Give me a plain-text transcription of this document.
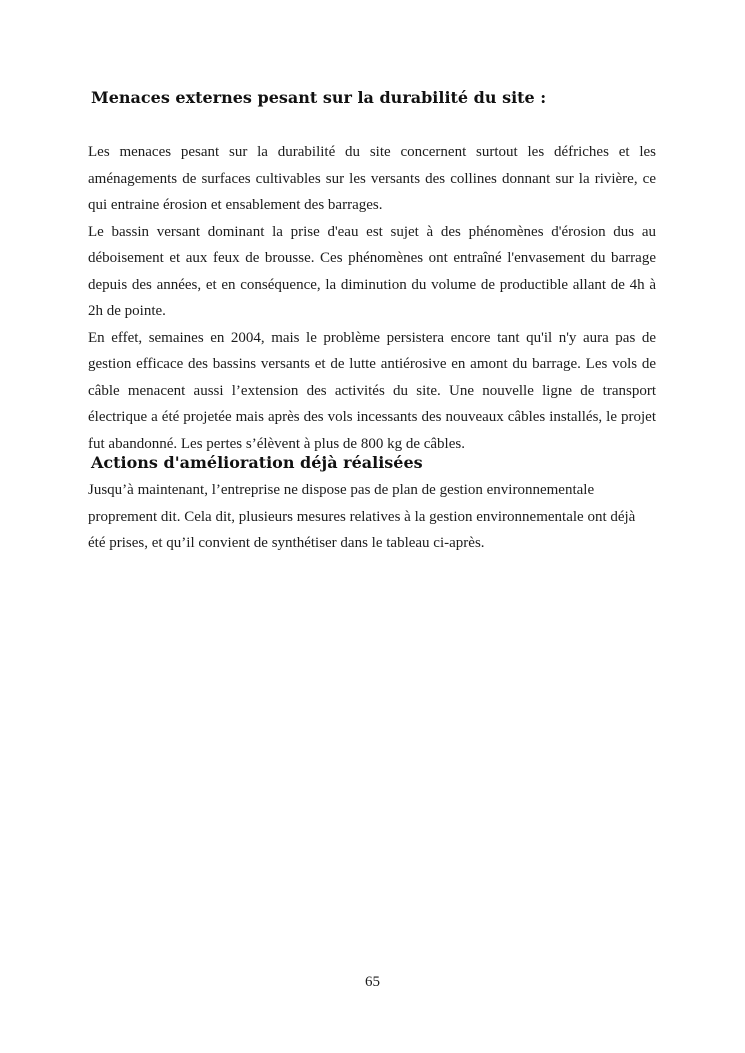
Menaces externes pesant sur la durabilité du site :
Les menaces pesant sur la durabilité du site concernent surtout les défriches et les
aménagements de surfaces cultivables sur les versants des collines donnant sur la rivière, ce
qui entraine érosion et ensablement des barrages.
Le bassin versant dominant la prise d'eau est sujet à des phénomènes d'érosion dus au
déboisement et aux feux de brousse. Ces phénomènes ont entraîné l'envasement du barrage
depuis des années, et en conséquence, la diminution du volume de productible allant de 4h à
2h de pointe.
En effet, semaines en 2004, mais le problème persistera encore tant qu'il n'y aura pas de
gestion efficace des bassins versants et de lutte antiérosive en amont du barrage. Les vols de
câble menacent aussi l’extension des activités du site. Une nouvelle ligne de transport
électrique a été projetée mais après des vols incessants des nouveaux câbles installés, le projet
fut abandonné. Les pertes s’élèvent à plus de 800 kg de câbles.
Actions d'amélioration déjà réalisées
Jusqu’à maintenant, l’entreprise ne dispose pas de plan de gestion environnementale
proprement dit. Cela dit, plusieurs mesures relatives à la gestion environnementale ont déjà
été prises, et qu’il convient de synthétiser dans le tableau ci-après.
65
